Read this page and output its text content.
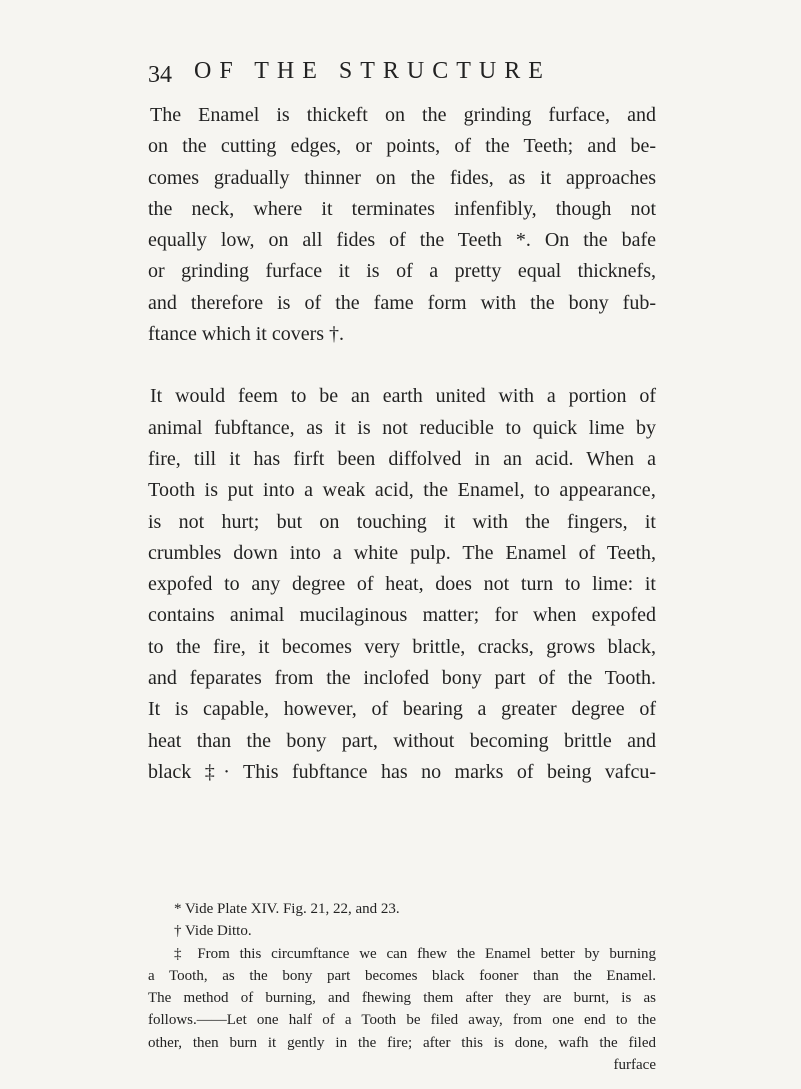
34 OF THE STRUCTURE

The Enamel is thickeft on the grinding furface, and
on the cutting edges, or points, of the Teeth; and be-
comes gradually thinner on the fides, as it approaches
the neck, where it terminates infenfibly, though not
equally low, on all fides of the Teeth *. On the bafe
or grinding furface it is of a pretty equal thicknefs,
and therefore is of the fame form with the bony fub-
ftance which it covers †.

It would feem to be an earth united with a portion of
animal fubftance, as it is not reducible to quick lime by
fire, till it has firft been diffolved in an acid. When a
Tooth is put into a weak acid, the Enamel, to appearance,
is not hurt; but on touching it with the fingers, it
crumbles down into a white pulp. The Enamel of Teeth,
expofed to any degree of heat, does not turn to lime: it
contains animal mucilaginous matter; for when expofed
to the fire, it becomes very brittle, cracks, grows black,
and feparates from the inclofed bony part of the Tooth.
It is capable, however, of bearing a greater degree of
heat than the bony part, without becoming brittle and
black ‡· This fubftance has no marks of being vafcu-

* Vide Plate XIV. Fig. 21, 22, and 23.

† Vide Ditto.

‡ From this circumftance we can fhew the Enamel better by burning
a Tooth, as the bony part becomes black fooner than the Enamel.
The method of burning, and fhewing them after they are burnt, is as
follows.——Let one half of a Tooth be filed away, from one end to the
other, then burn it gently in the fire; after this is done, wafh the filed
furface
